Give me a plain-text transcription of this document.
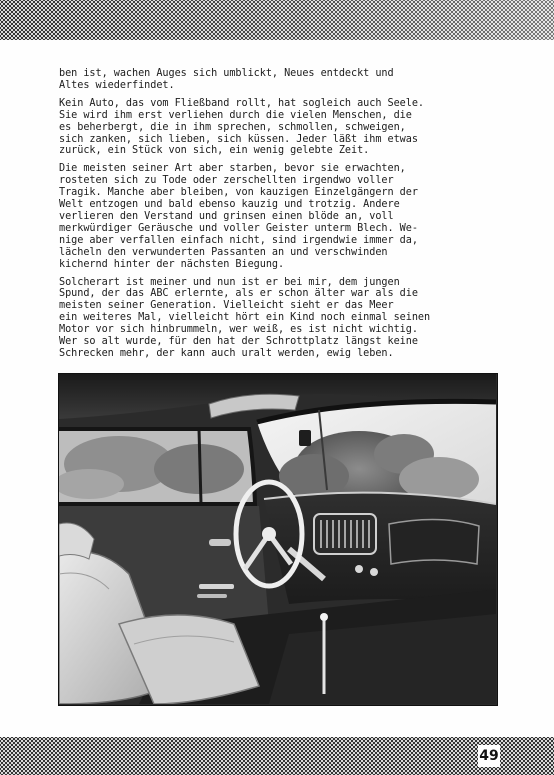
ben ist, wachen Auges sich umblickt, Neues entdeckt und
Altes wiederfindet.
Kein Auto, das vom Fließband rollt, hat sogleich auch Seele.
Sie wird ihm erst verliehen durch die vielen Menschen, die
es beherbergt, die in ihm sprechen, schmollen, schweigen,
sich zanken, sich lieben, sich küssen. Jeder läßt ihm etwas
zurück, ein Stück von sich, ein wenig gelebte Zeit.
Die meisten seiner Art aber starben, bevor sie erwachten,
rosteten sich zu Tode oder zerschellten irgendwo voller
Tragik. Manche aber bleiben, von kauzigen Einzelgängern der
Welt entzogen und bald ebenso kauzig und trotzig. Andere
verlieren den Verstand und grinsen einen blöde an, voll
merkwürdiger Geräusche und voller Geister unterm Blech. We-
nige aber verfallen einfach nicht, sind irgendwie immer da,
lächeln den verwunderten Passanten an und verschwinden
kichernd hinter der nächsten Biegung.
Solcherart ist meiner und nun ist er bei mir, dem jungen
Spund, der das ABC erlernte, als er schon älter war als die
meisten seiner Generation. Vielleicht sieht er das Meer
ein weiteres Mal, vielleicht hört ein Kind noch einmal seinen
Motor vor sich hinbrummeln, wer weiß, es ist nicht wichtig.
Wer so alt wurde, für den hat der Schrottplatz längst keine
Schrecken mehr, der kann auch uralt werden, ewig leben.
49
